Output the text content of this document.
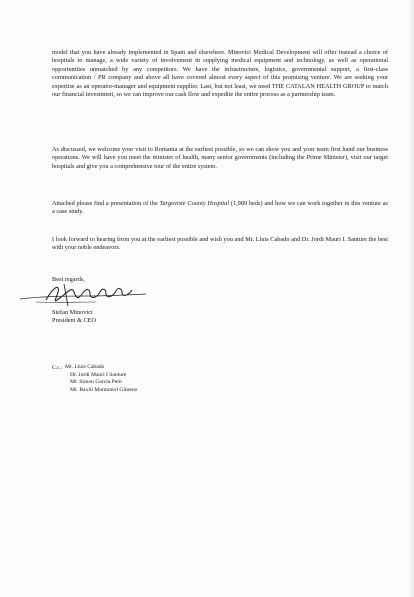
model that you have already implemented in Spain and elsewhere. Minovici Medical Development will offer instead a choice of hospitals to manage, a wide variety of involvement in supplying medical equipment and technology, as well as operational opportunities unmatched by any competitors. We have the infrastructure, logistics, governmental support, a first-class communication / PR company and above all have covered almost every aspect of this promising venture. We are seeking your expertise as an operator-manager and equipment supplier. Last, but not least, we need THE CATALAN HEALTH GROUP to match our financial investment, so we can improve our cash flow and expedite the entire process as a partnership team.

As discussed, we welcome your visit to Romania at the earliest possible, so we can show you and your team first hand our business operations. We will have you meet the minister of health, many senior governments (including the Prime Minister), visit our target hospitals and give you a comprehensive tour of the entire system.

Attached please find a presentation of the Targoviste County Hospital (1,989 beds) and how we can work together in this venture as a case study.

I look forward to hearing from you at the earliest possible and wish you and Mr. Lluis Cabado and Dr. Jordi Mauri I. Santure the best with your noble endeavors.

Best regards,

Stefan Minovici

President & CEO

C.c.: Mr. Lluis Cabado
Dr. Jordi Mauri I Santure
Mr. Simon Garcia Petit
Mr. Baxili Montuniol Gimeno
